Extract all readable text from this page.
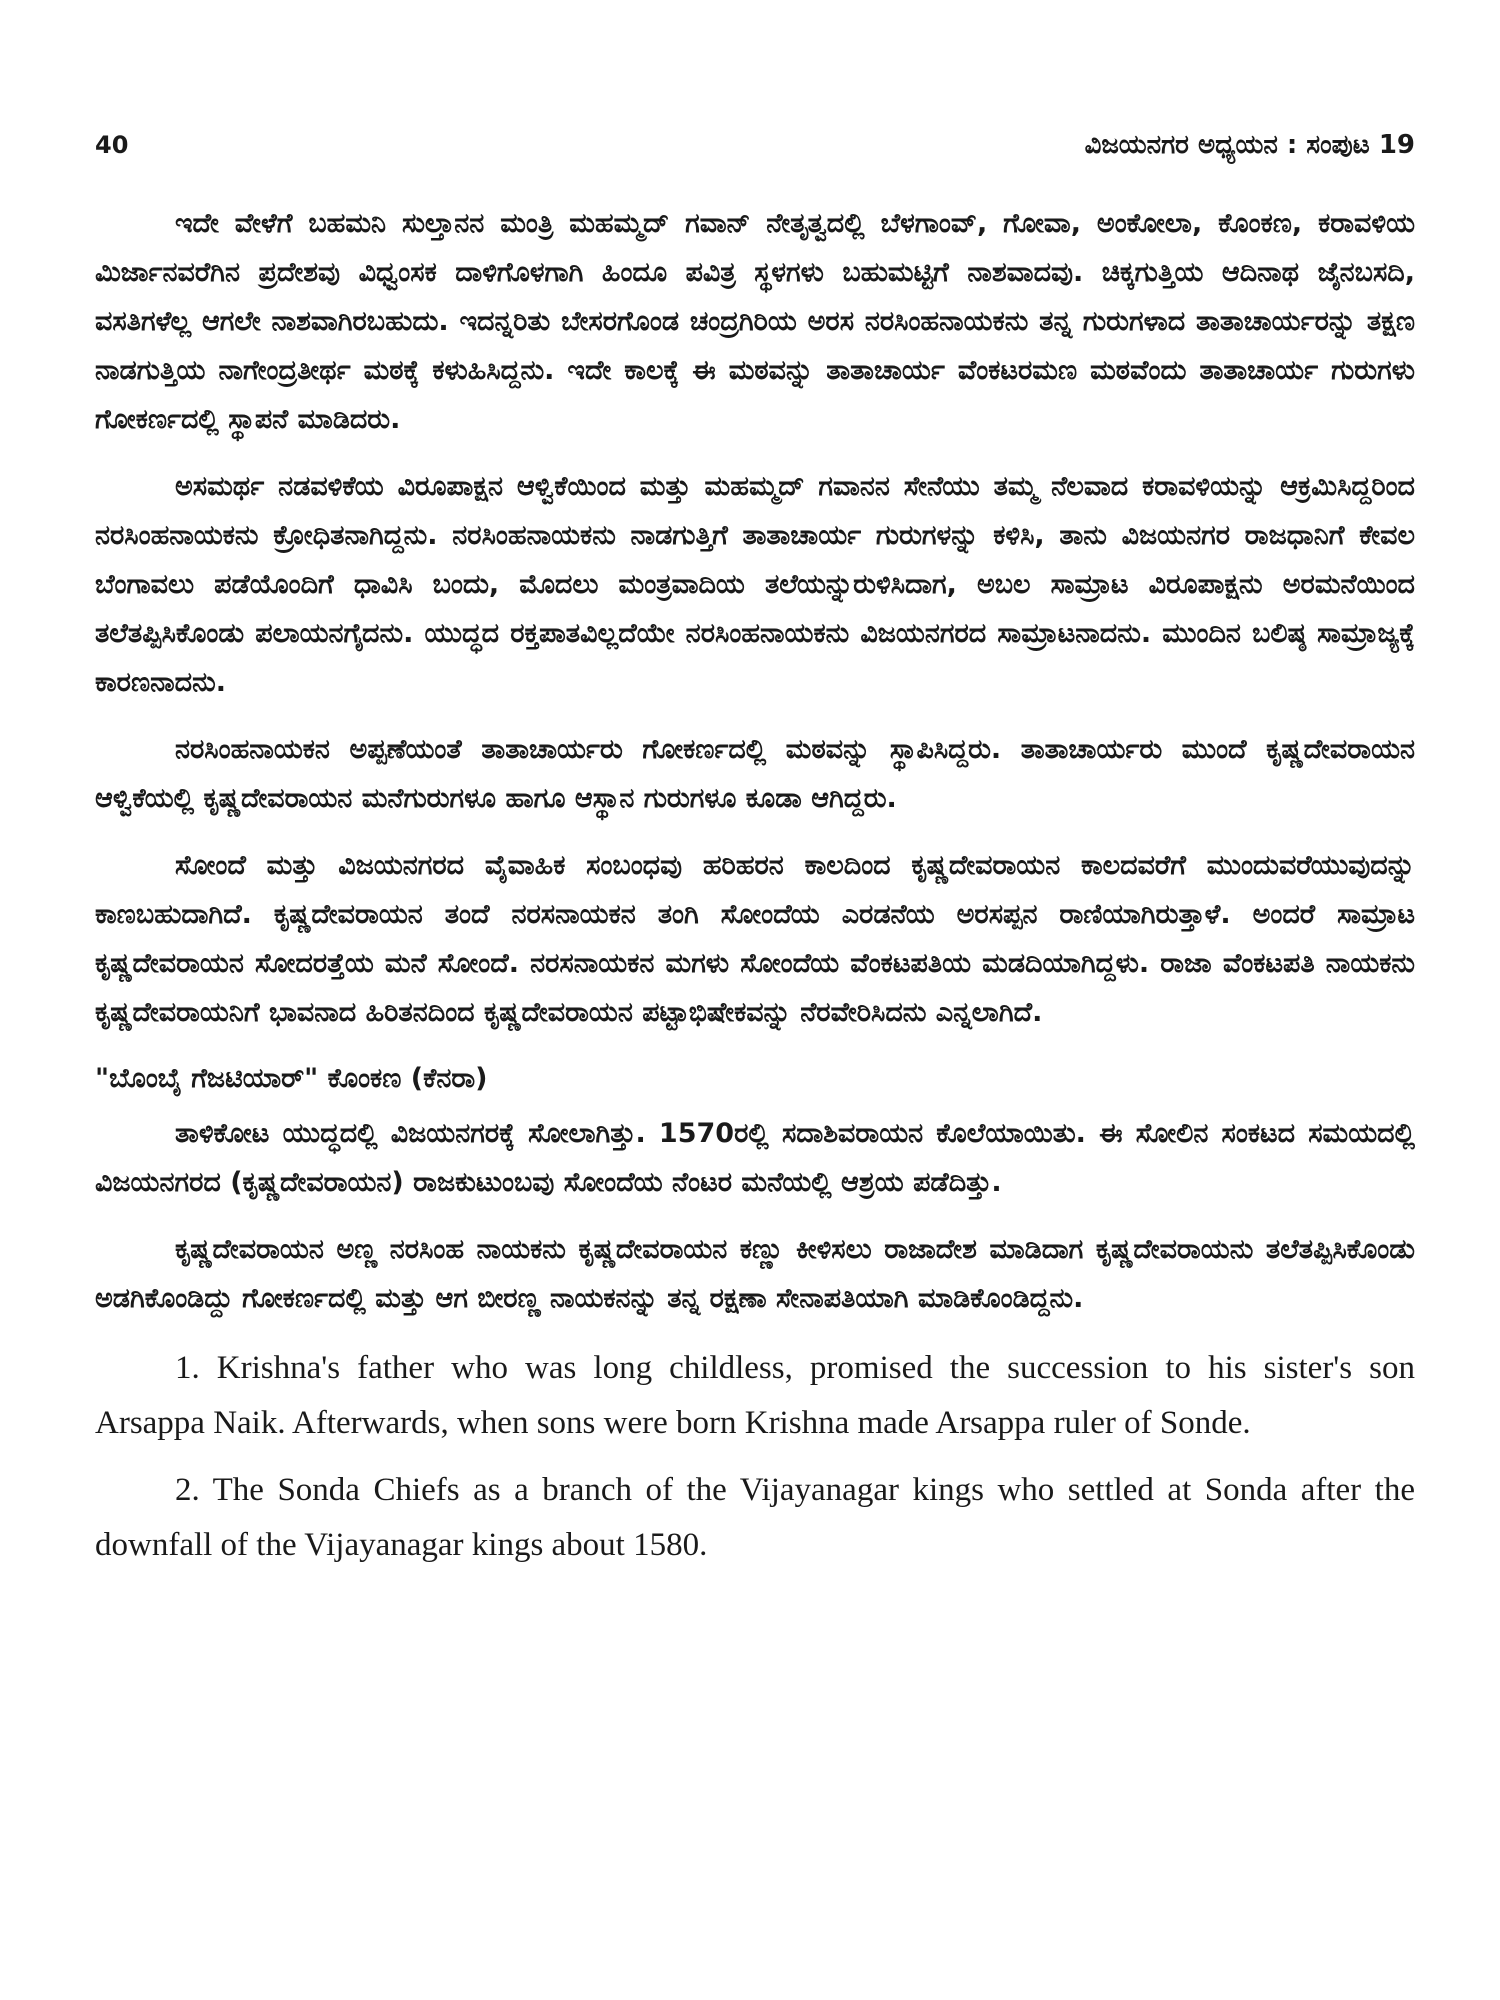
40	ವಿಜಯನಗರ ಅಧ್ಯಯನ : ಸಂಪುಟ 19

ಇದೇ ವೇಳೆಗೆ ಬಹಮನಿ ಸುಲ್ತಾನನ ಮಂತ್ರಿ ಮಹಮ್ಮದ್ ಗವಾನ್ ನೇತೃತ್ವದಲ್ಲಿ ಬೆಳಗಾಂವ್, ಗೋವಾ, ಅಂಕೋಲಾ, ಕೊಂಕಣ, ಕರಾವಳಿಯ ಮಿರ್ಜಾನವರೆಗಿನ ಪ್ರದೇಶವು ವಿಧ್ವಂಸಕ ದಾಳಿಗೊಳಗಾಗಿ ಹಿಂದೂ ಪವಿತ್ರ ಸ್ಥಳಗಳು ಬಹುಮಟ್ಟಿಗೆ ನಾಶವಾದವು. ಚಿಕ್ಕಗುತ್ತಿಯ ಆದಿನಾಥ ಜೈನಬಸದಿ, ವಸತಿಗಳೆಲ್ಲ ಆಗಲೇ ನಾಶವಾಗಿರಬಹುದು. ಇದನ್ನರಿತು ಬೇಸರಗೊಂಡ ಚಂದ್ರಗಿರಿಯ ಅರಸ ನರಸಿಂಹನಾಯಕನು ತನ್ನ ಗುರುಗಳಾದ ತಾತಾಚಾರ್ಯರನ್ನು ತಕ್ಷಣ ನಾಡಗುತ್ತಿಯ ನಾಗೇಂದ್ರತೀರ್ಥ ಮಠಕ್ಕೆ ಕಳುಹಿಸಿದ್ದನು. ಇದೇ ಕಾಲಕ್ಕೆ ಈ ಮಠವನ್ನು ತಾತಾಚಾರ್ಯ ವೆಂಕಟರಮಣ ಮಠವೆಂದು ತಾತಾಚಾರ್ಯ ಗುರುಗಳು ಗೋಕರ್ಣದಲ್ಲಿ ಸ್ಥಾಪನೆ ಮಾಡಿದರು.

ಅಸಮರ್ಥ ನಡವಳಿಕೆಯ ವಿರೂಪಾಕ್ಷನ ಆಳ್ವಿಕೆಯಿಂದ ಮತ್ತು ಮಹಮ್ಮದ್ ಗವಾನನ ಸೇನೆಯು ತಮ್ಮ ನೆಲವಾದ ಕರಾವಳಿಯನ್ನು ಆಕ್ರಮಿಸಿದ್ದರಿಂದ ನರಸಿಂಹನಾಯಕನು ಕ್ರೋಧಿತನಾಗಿದ್ದನು. ನರಸಿಂಹನಾಯಕನು ನಾಡಗುತ್ತಿಗೆ ತಾತಾಚಾರ್ಯ ಗುರುಗಳನ್ನು ಕಳಿಸಿ, ತಾನು ವಿಜಯನಗರ ರಾಜಧಾನಿಗೆ ಕೇವಲ ಬೆಂಗಾವಲು ಪಡೆಯೊಂದಿಗೆ ಧಾವಿಸಿ ಬಂದು, ಮೊದಲು ಮಂತ್ರವಾದಿಯ ತಲೆಯನ್ನುರುಳಿಸಿದಾಗ, ಅಬಲ ಸಾಮ್ರಾಟ ವಿರೂಪಾಕ್ಷನು ಅರಮನೆಯಿಂದ ತಲೆತಪ್ಪಿಸಿಕೊಂಡು ಪಲಾಯನಗೈದನು. ಯುದ್ಧದ ರಕ್ತಪಾತವಿಲ್ಲದೆಯೇ ನರಸಿಂಹನಾಯಕನು ವಿಜಯನಗರದ ಸಾಮ್ರಾಟನಾದನು. ಮುಂದಿನ ಬಲಿಷ್ಠ ಸಾಮ್ರಾಜ್ಯಕ್ಕೆ ಕಾರಣನಾದನು.

ನರಸಿಂಹನಾಯಕನ ಅಪ್ಪಣೆಯಂತೆ ತಾತಾಚಾರ್ಯರು ಗೋಕರ್ಣದಲ್ಲಿ ಮಠವನ್ನು ಸ್ಥಾಪಿಸಿದ್ದರು. ತಾತಾಚಾರ್ಯರು ಮುಂದೆ ಕೃಷ್ಣದೇವರಾಯನ ಆಳ್ವಿಕೆಯಲ್ಲಿ ಕೃಷ್ಣದೇವರಾಯನ ಮನೆಗುರುಗಳೂ ಹಾಗೂ ಆಸ್ಥಾನ ಗುರುಗಳೂ ಕೂಡಾ ಆಗಿದ್ದರು.

ಸೋಂದೆ ಮತ್ತು ವಿಜಯನಗರದ ವೈವಾಹಿಕ ಸಂಬಂಧವು ಹರಿಹರನ ಕಾಲದಿಂದ ಕೃಷ್ಣದೇವರಾಯನ ಕಾಲದವರೆಗೆ ಮುಂದುವರೆಯುವುದನ್ನು ಕಾಣಬಹುದಾಗಿದೆ. ಕೃಷ್ಣದೇವರಾಯನ ತಂದೆ ನರಸನಾಯಕನ ತಂಗಿ ಸೋಂದೆಯ ಎರಡನೆಯ ಅರಸಪ್ಪನ ರಾಣಿಯಾಗಿರುತ್ತಾಳೆ. ಅಂದರೆ ಸಾಮ್ರಾಟ ಕೃಷ್ಣದೇವರಾಯನ ಸೋದರತ್ತೆಯ ಮನೆ ಸೋಂದೆ. ನರಸನಾಯಕನ ಮಗಳು ಸೋಂದೆಯ ವೆಂಕಟಪತಿಯ ಮಡದಿಯಾಗಿದ್ದಳು. ರಾಜಾ ವೆಂಕಟಪತಿ ನಾಯಕನು ಕೃಷ್ಣದೇವರಾಯನಿಗೆ ಭಾವನಾದ ಹಿರಿತನದಿಂದ ಕೃಷ್ಣದೇವರಾಯನ ಪಟ್ಟಾಭಿಷೇಕವನ್ನು ನೆರವೇರಿಸಿದನು ಎನ್ನಲಾಗಿದೆ.

"ಬೊಂಬೈ ಗೆಜಟಿಯಾರ್" ಕೊಂಕಣ (ಕೆನರಾ)

ತಾಳಿಕೋಟ ಯುದ್ಧದಲ್ಲಿ ವಿಜಯನಗರಕ್ಕೆ ಸೋಲಾಗಿತ್ತು. 1570ರಲ್ಲಿ ಸದಾಶಿವರಾಯನ ಕೊಲೆಯಾಯಿತು. ಈ ಸೋಲಿನ ಸಂಕಟದ ಸಮಯದಲ್ಲಿ ವಿಜಯನಗರದ (ಕೃಷ್ಣದೇವರಾಯನ) ರಾಜಕುಟುಂಬವು ಸೋಂದೆಯ ನೆಂಟರ ಮನೆಯಲ್ಲಿ ಆಶ್ರಯ ಪಡೆದಿತ್ತು.

ಕೃಷ್ಣದೇವರಾಯನ ಅಣ್ಣ ನರಸಿಂಹ ನಾಯಕನು ಕೃಷ್ಣದೇವರಾಯನ ಕಣ್ಣು ಕೀಳಿಸಲು ರಾಜಾದೇಶ ಮಾಡಿದಾಗ ಕೃಷ್ಣದೇವರಾಯನು ತಲೆತಪ್ಪಿಸಿಕೊಂಡು ಅಡಗಿಕೊಂಡಿದ್ದು ಗೋಕರ್ಣದಲ್ಲಿ ಮತ್ತು ಆಗ ಬೀರಣ್ಣ ನಾಯಕನನ್ನು ತನ್ನ ರಕ್ಷಣಾ ಸೇನಾಪತಿಯಾಗಿ ಮಾಡಿಕೊಂಡಿದ್ದನು.

1. Krishna's father who was long childless, promised the succession to his sister's son Arsappa Naik. Afterwards, when sons were born Krishna made Arsappa ruler of Sonde.

2. The Sonda Chiefs as a branch of the Vijayanagar kings who settled at Sonda after the downfall of the Vijayanagar kings about 1580.
